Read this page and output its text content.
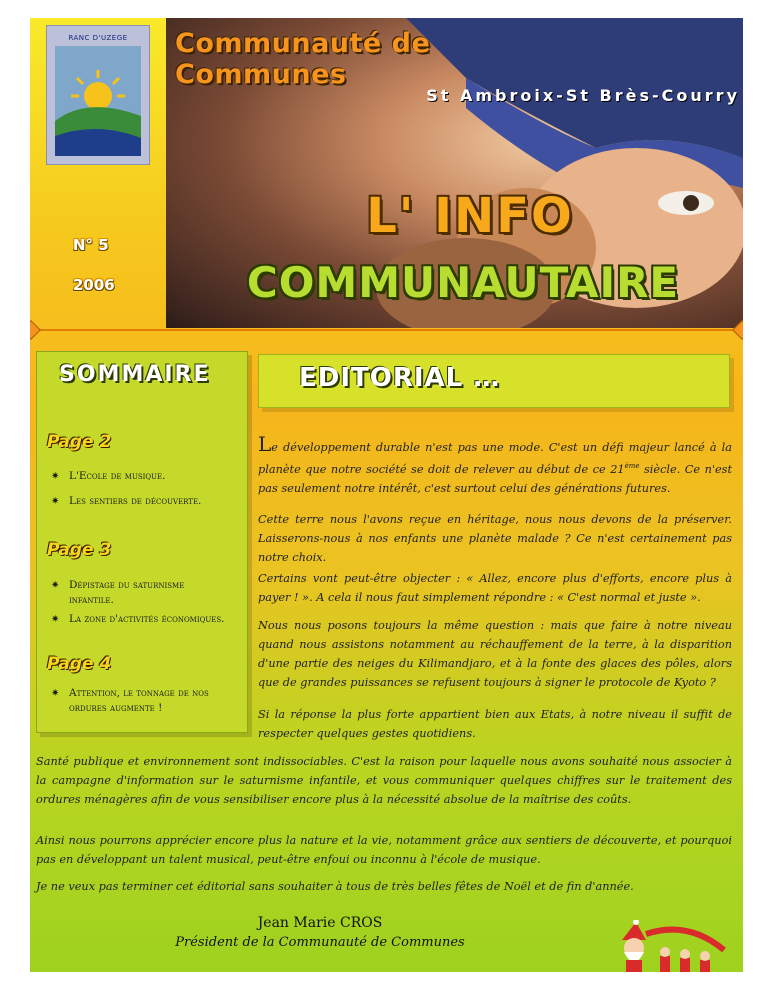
RANC D'UZEGE
N° 5
2006
Communauté de Communes
St Ambroix-St Brès-Courry
L' INFO
COMMUNAUTAIRE
SOMMAIRE
Page 2
✷ L'Ecole de musique.
✷ Les sentiers de découverte.
Page 3
✷ Dépistage du saturnisme infantile.
✷ La zone d'activités économiques.
Page 4
✷ Attention, le tonnage de nos ordures augmente !
EDITORIAL …
Le développement durable n'est pas une mode. C'est un défi majeur lancé à la planète que notre société se doit de relever au début de ce 21ème siècle. Ce n'est pas seulement notre intérêt, c'est surtout celui des générations futures.
Cette terre nous l'avons reçue en héritage, nous nous devons de la préserver. Laisserons-nous à nos enfants une planète malade ? Ce n'est certainement pas notre choix.
Certains vont peut-être objecter : « Allez, encore plus d'efforts, encore plus à payer ! ». A cela il nous faut simplement répondre : « C'est normal et juste ».
Nous nous posons toujours la même question : mais que faire à notre niveau quand nous assistons notamment au réchauffement de la terre, à la disparition d'une partie des neiges du Kilimandjaro, et à la fonte des glaces des pôles, alors que de grandes puissances se refusent toujours à signer le protocole de Kyoto ?
Si la réponse la plus forte appartient bien aux Etats, à notre niveau il suffit de respecter quelques gestes quotidiens.
Santé publique et environnement sont indissociables. C'est la raison pour laquelle nous avons souhaité nous associer à la campagne d'information sur le saturnisme infantile, et vous communiquer quelques chiffres sur le traitement des ordures ménagères afin de vous sensibiliser encore plus à la nécessité absolue de la maîtrise des coûts.
Ainsi nous pourrons apprécier encore plus la nature et la vie, notamment grâce aux sentiers de découverte, et pourquoi pas en développant un talent musical, peut-être enfoui ou inconnu à l'école de musique.
Je ne veux pas terminer cet éditorial sans souhaiter à tous de très belles fêtes de Noël et de fin d'année.
Jean Marie CROS
Président de la Communauté de Communes
